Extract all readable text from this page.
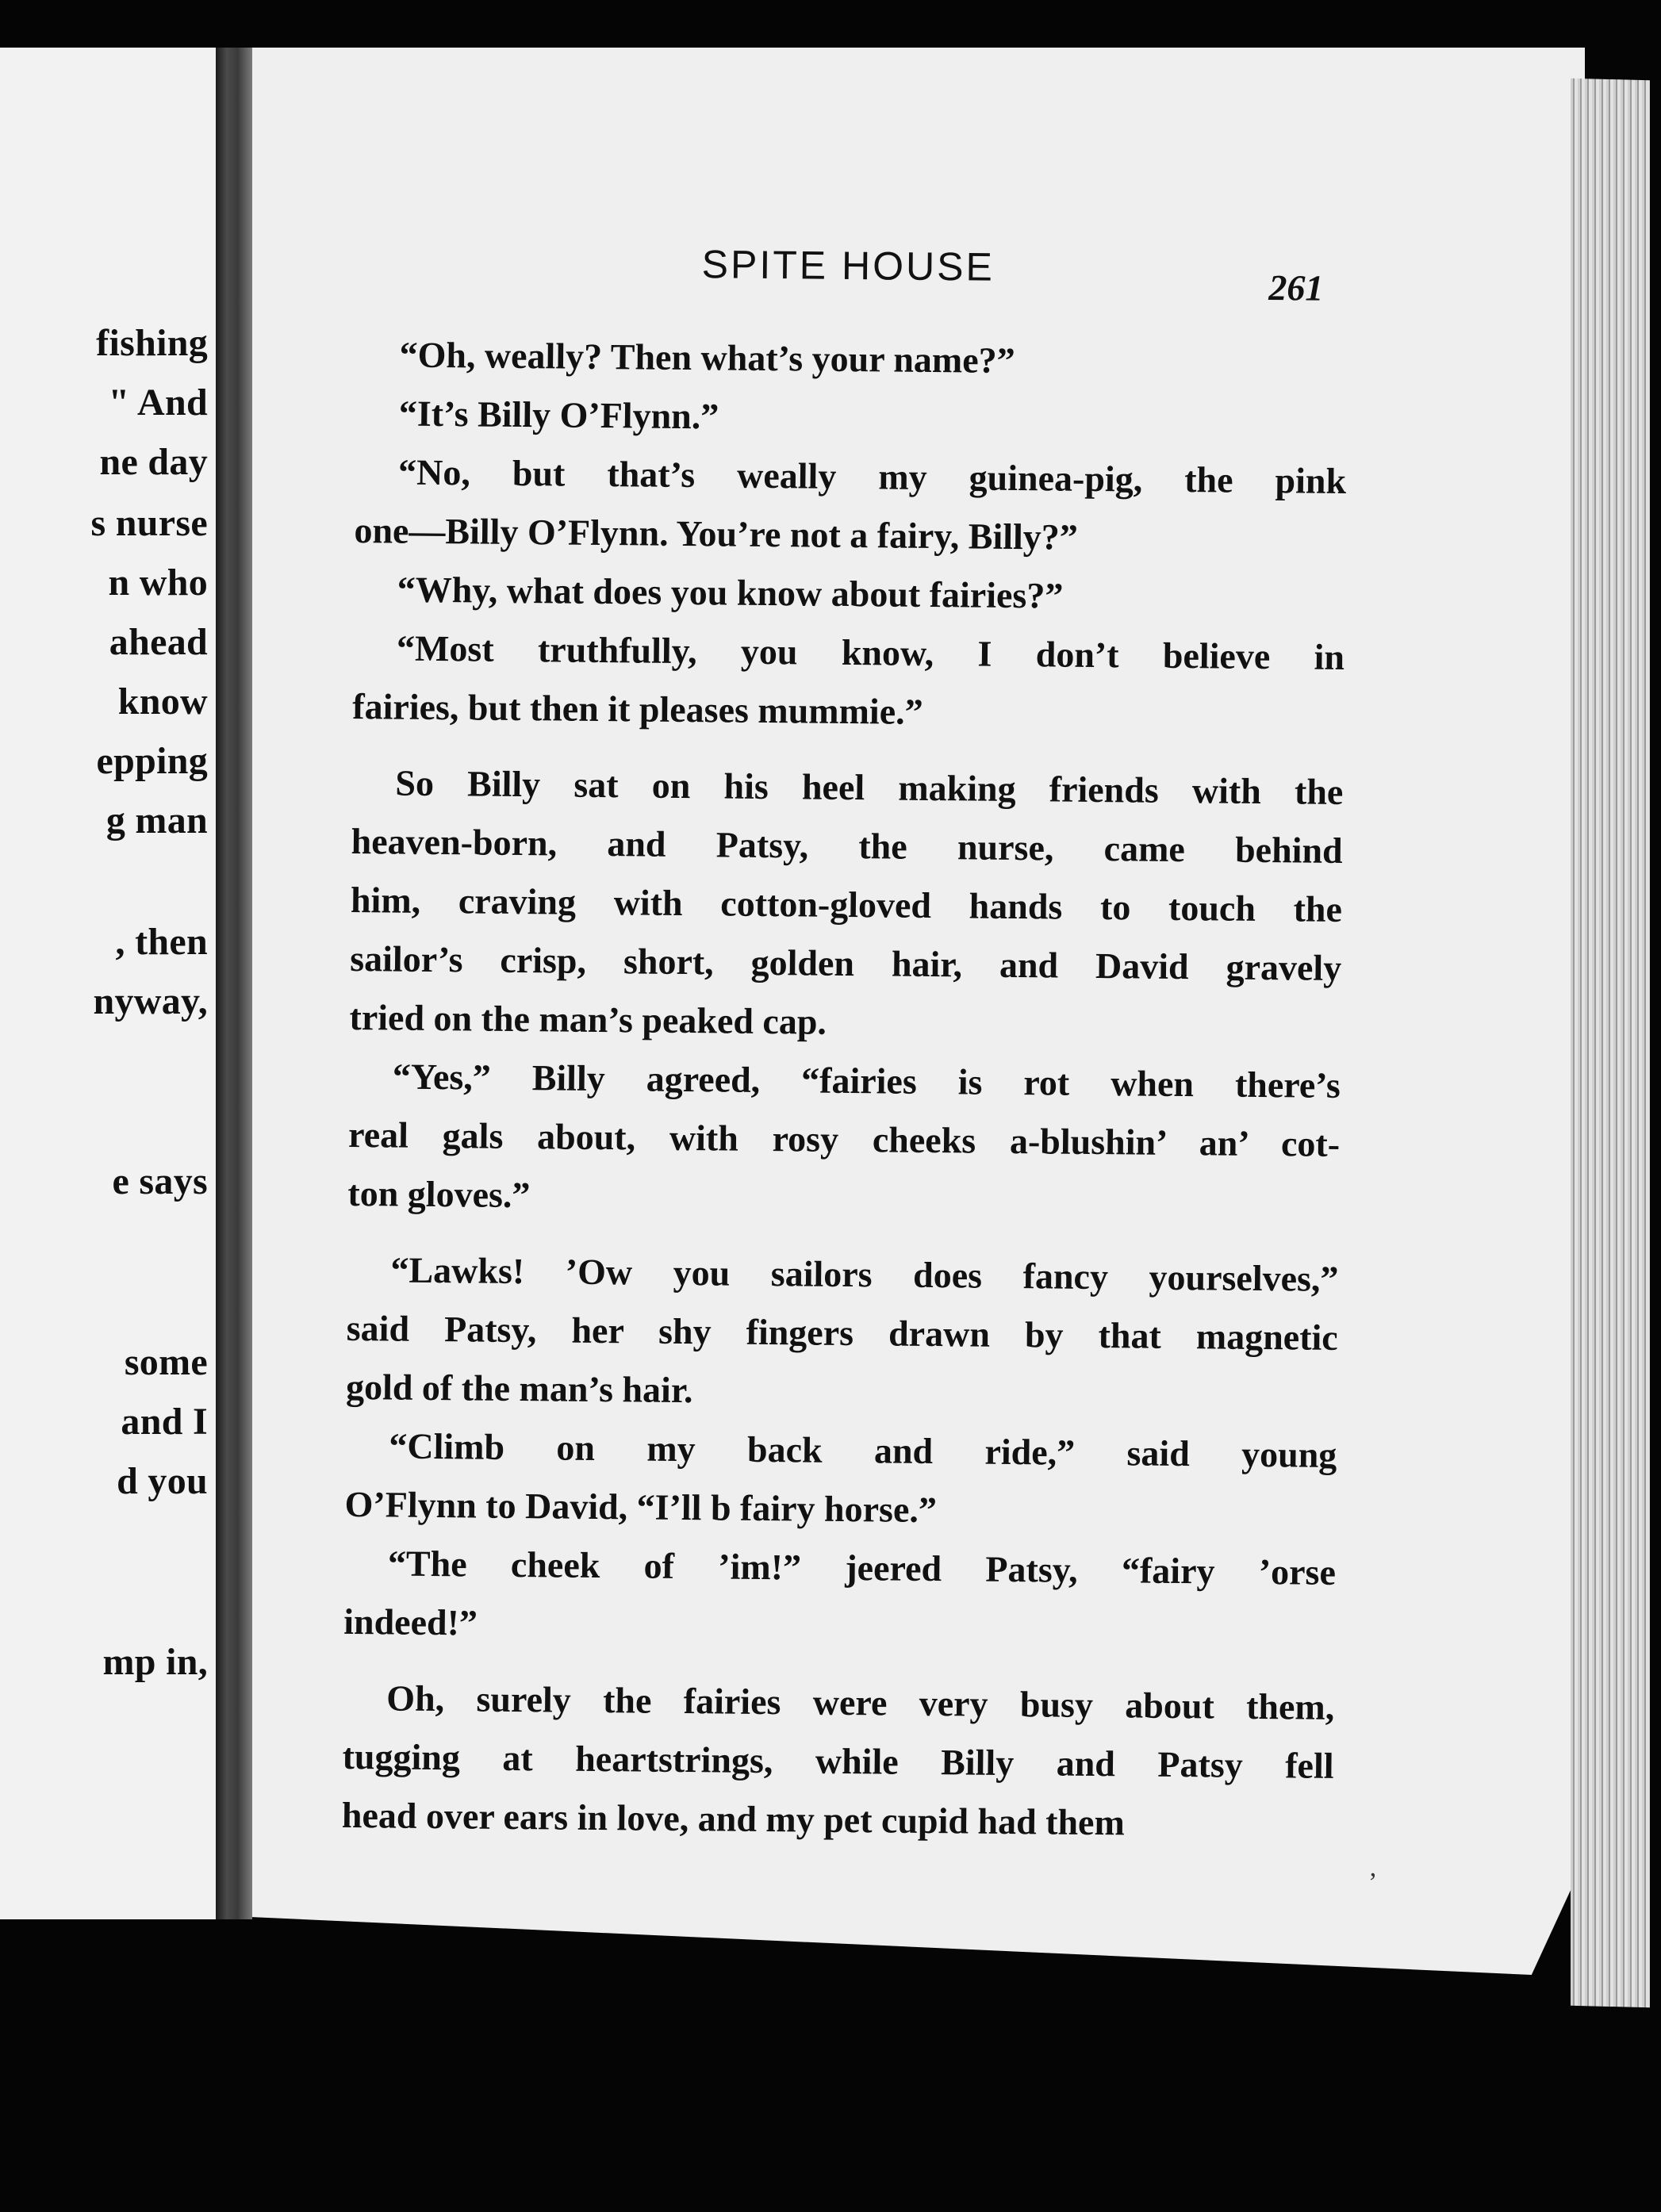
fishing
" And
ne day
s nurse
n who
ahead
know
epping
g man
, then
nyway,
e says
some
and I
d you
mp in,
SPITE HOUSE	261
“Oh, weally? Then what’s your name?”
“It’s Billy O’Flynn.”
“No, but that’s weally my guinea-pig, the pink
one—Billy O’Flynn. You’re not a fairy, Billy?”
“Why, what does you know about fairies?”
“Most truthfully, you know, I don’t believe in
fairies, but then it pleases mummie.”
So Billy sat on his heel making friends with the
heaven-born, and Patsy, the nurse, came behind
him, craving with cotton-gloved hands to touch the
sailor’s crisp, short, golden hair, and David gravely
tried on the man’s peaked cap.
“Yes,” Billy agreed, “fairies is rot when there’s
real gals about, with rosy cheeks a-blushin’ an’ cot-
ton gloves.”
“Lawks! ’Ow you sailors does fancy yourselves,”
said Patsy, her shy fingers drawn by that magnetic
gold of the man’s hair.
“Climb on my back and ride,” said young
O’Flynn to David, “I’ll b fairy horse.”
“The cheek of ’im!” jeered Patsy, “fairy ’orse
indeed!”
Oh, surely the fairies were very busy about them,
tugging at heartstrings, while Billy and Patsy fell
head over ears in love, and my pet cupid had them
’
